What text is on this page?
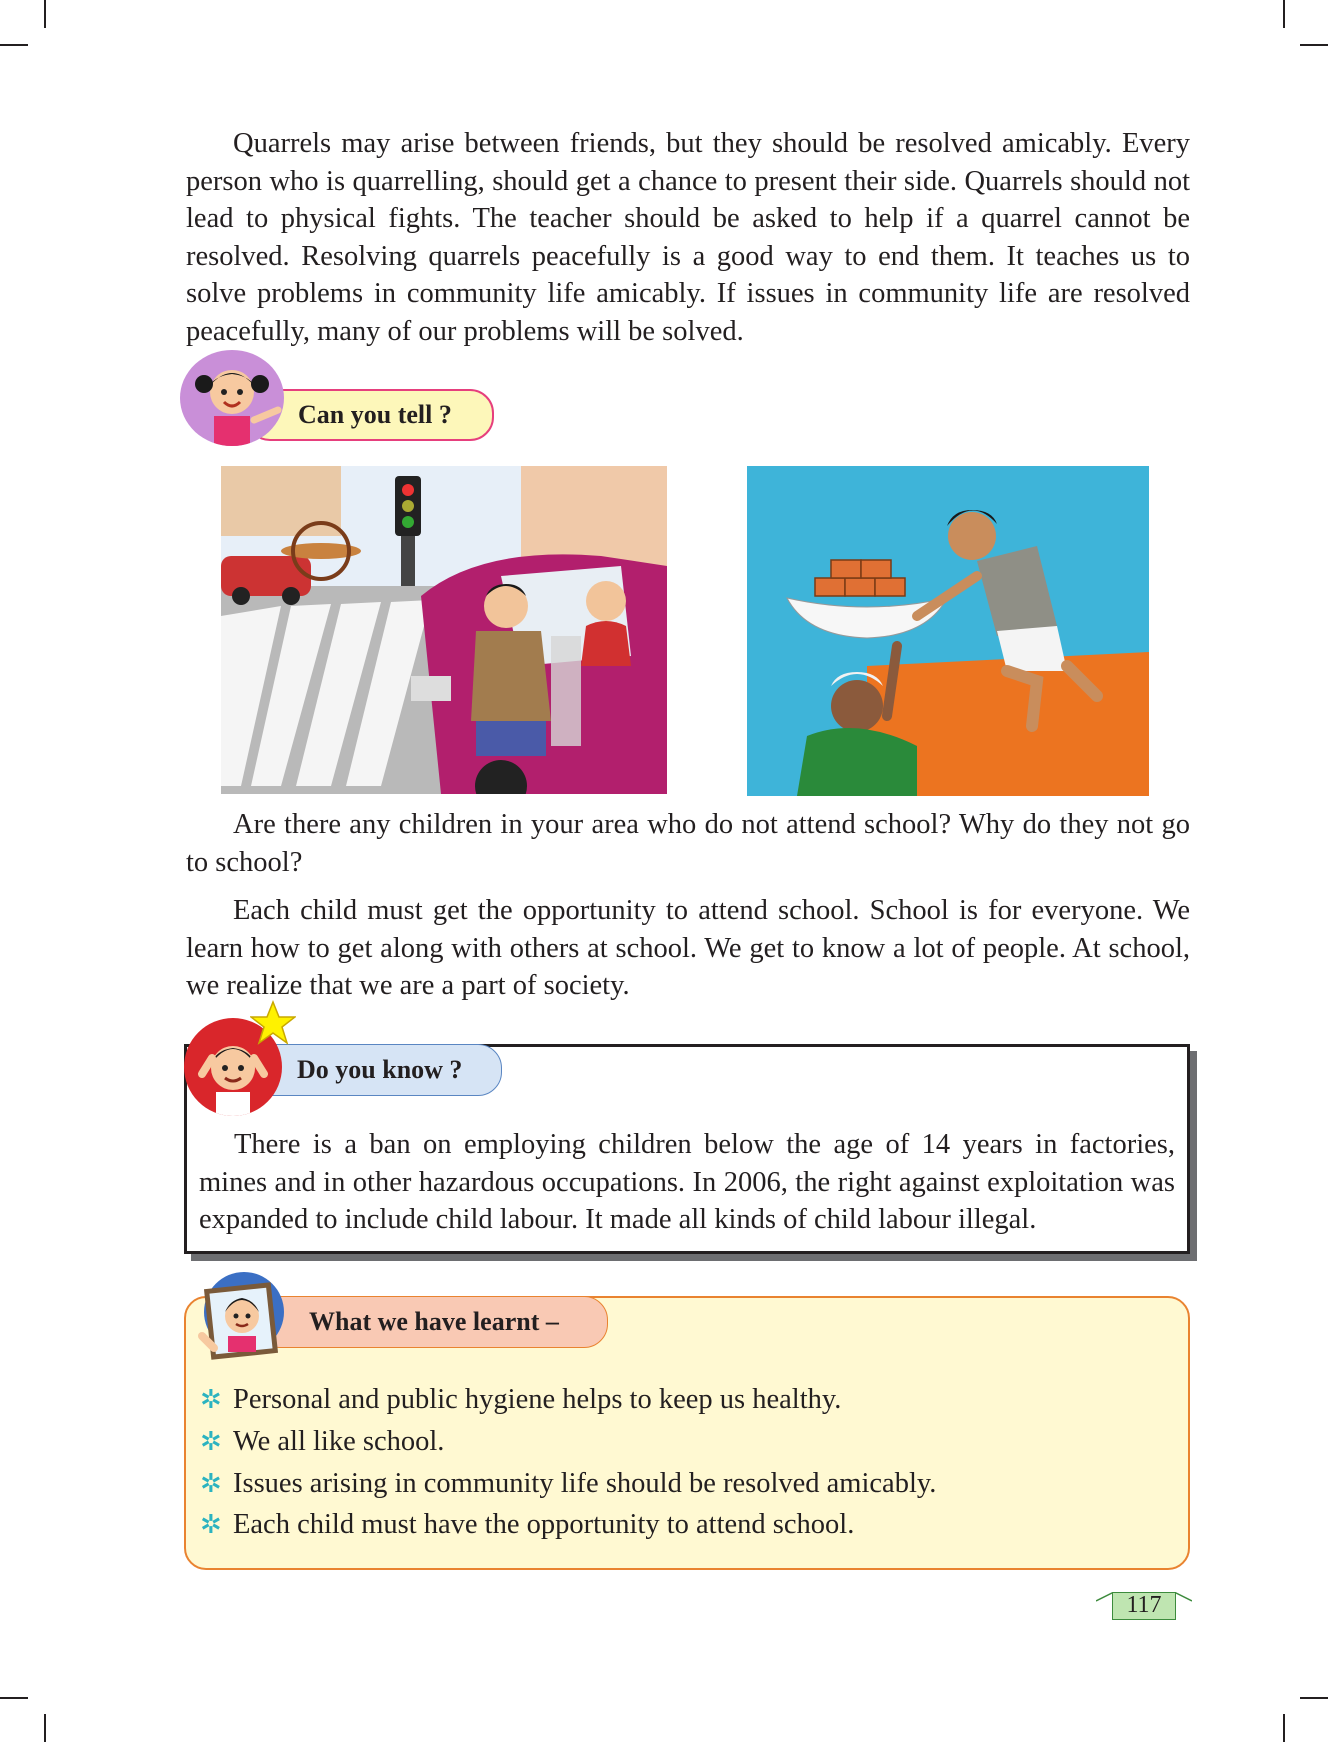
Quarrels may arise between friends, but they should be resolved amicably. Every person who is quarrelling, should get a chance to present their side. Quarrels should not lead to physical fights. The teacher should be asked to help if a quarrel cannot be resolved. Resolving quarrels peacefully is a good way to end them. It teaches us to solve problems in community life amicably. If issues in community life are resolved peacefully, many of our problems will be solved.

Can you tell ?

Are there any children in your area who do not attend school? Why do they not go to school?

Each child must get the opportunity to attend school. School is for everyone. We learn how to get along with others at school. We get to know a lot of people. At school, we realize that we are a part of society.

There is a ban on employing children below the age of 14 years in factories, mines and in other hazardous occupations. In 2006, the right against exploitation was expanded to include child labour. It made all kinds of child labour illegal.

Do you know ?
✲ Personal and public hygiene helps to keep us healthy.
✲ We all like school.
✲ Issues arising in community life should be resolved amicably.
✲ Each child must have the opportunity to attend school.
What we have learnt –
117
